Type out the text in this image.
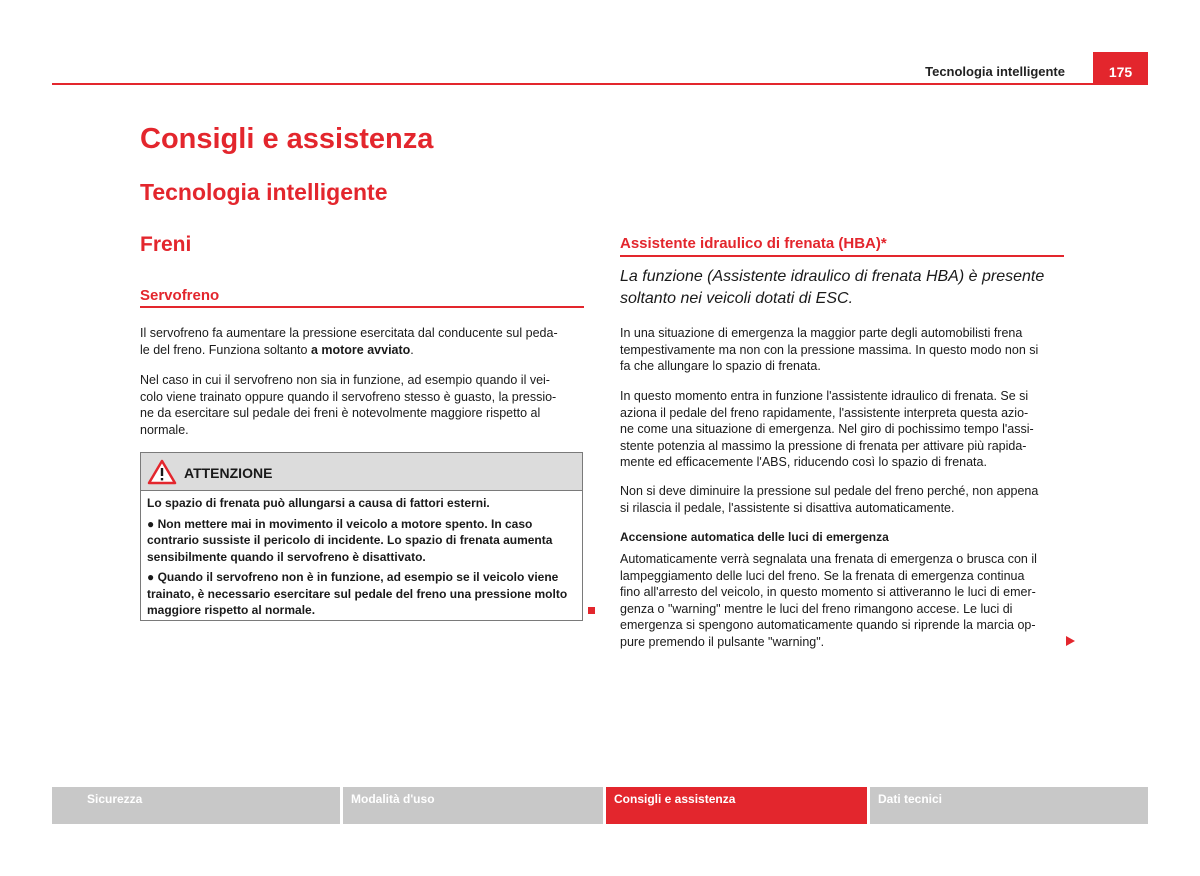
Tecnologia intelligente	175
Consigli e assistenza
Tecnologia intelligente
Freni
Servofreno
Il servofreno fa aumentare la pressione esercitata dal conducente sul peda-
le del freno. Funziona soltanto a motore avviato.
Nel caso in cui il servofreno non sia in funzione, ad esempio quando il vei-
colo viene trainato oppure quando il servofreno stesso è guasto, la pressio-
ne da esercitare sul pedale dei freni è notevolmente maggiore rispetto al
normale.
ATTENZIONE

Lo spazio di frenata può allungarsi a causa di fattori esterni.

● Non mettere mai in movimento il veicolo a motore spento. In caso contrario sussiste il pericolo di incidente. Lo spazio di frenata aumenta sensibilmente quando il servofreno è disattivato.

● Quando il servofreno non è in funzione, ad esempio se il veicolo viene trainato, è necessario esercitare sul pedale del freno una pressione molto maggiore rispetto al normale.

Assistente idraulico di frenata (HBA)*
La funzione (Assistente idraulico di frenata HBA) è presente
soltanto nei veicoli dotati di ESC.
In una situazione di emergenza la maggior parte degli automobilisti frena
tempestivamente ma non con la pressione massima. In questo modo non si
fa che allungare lo spazio di frenata.
In questo momento entra in funzione l'assistente idraulico di frenata. Se si
aziona il pedale del freno rapidamente, l'assistente interpreta questa azio-
ne come una situazione di emergenza. Nel giro di pochissimo tempo l'assi-
stente potenzia al massimo la pressione di frenata per attivare più rapida-
mente ed efficacemente l'ABS, riducendo così lo spazio di frenata.
Non si deve diminuire la pressione sul pedale del freno perché, non appena
si rilascia il pedale, l'assistente si disattiva automaticamente.
Accensione automatica delle luci di emergenza
Automaticamente verrà segnalata una frenata di emergenza o brusca con il
lampeggiamento delle luci del freno. Se la frenata di emergenza continua
fino all'arresto del veicolo, in questo momento si attiveranno le luci di emer-
genza o "warning" mentre le luci del freno rimangono accese. Le luci di
emergenza si spengono automaticamente quando si riprende la marcia op-
pure premendo il pulsante "warning".
Sicurezza	Modalità d'uso	Consigli e assistenza	Dati tecnici
